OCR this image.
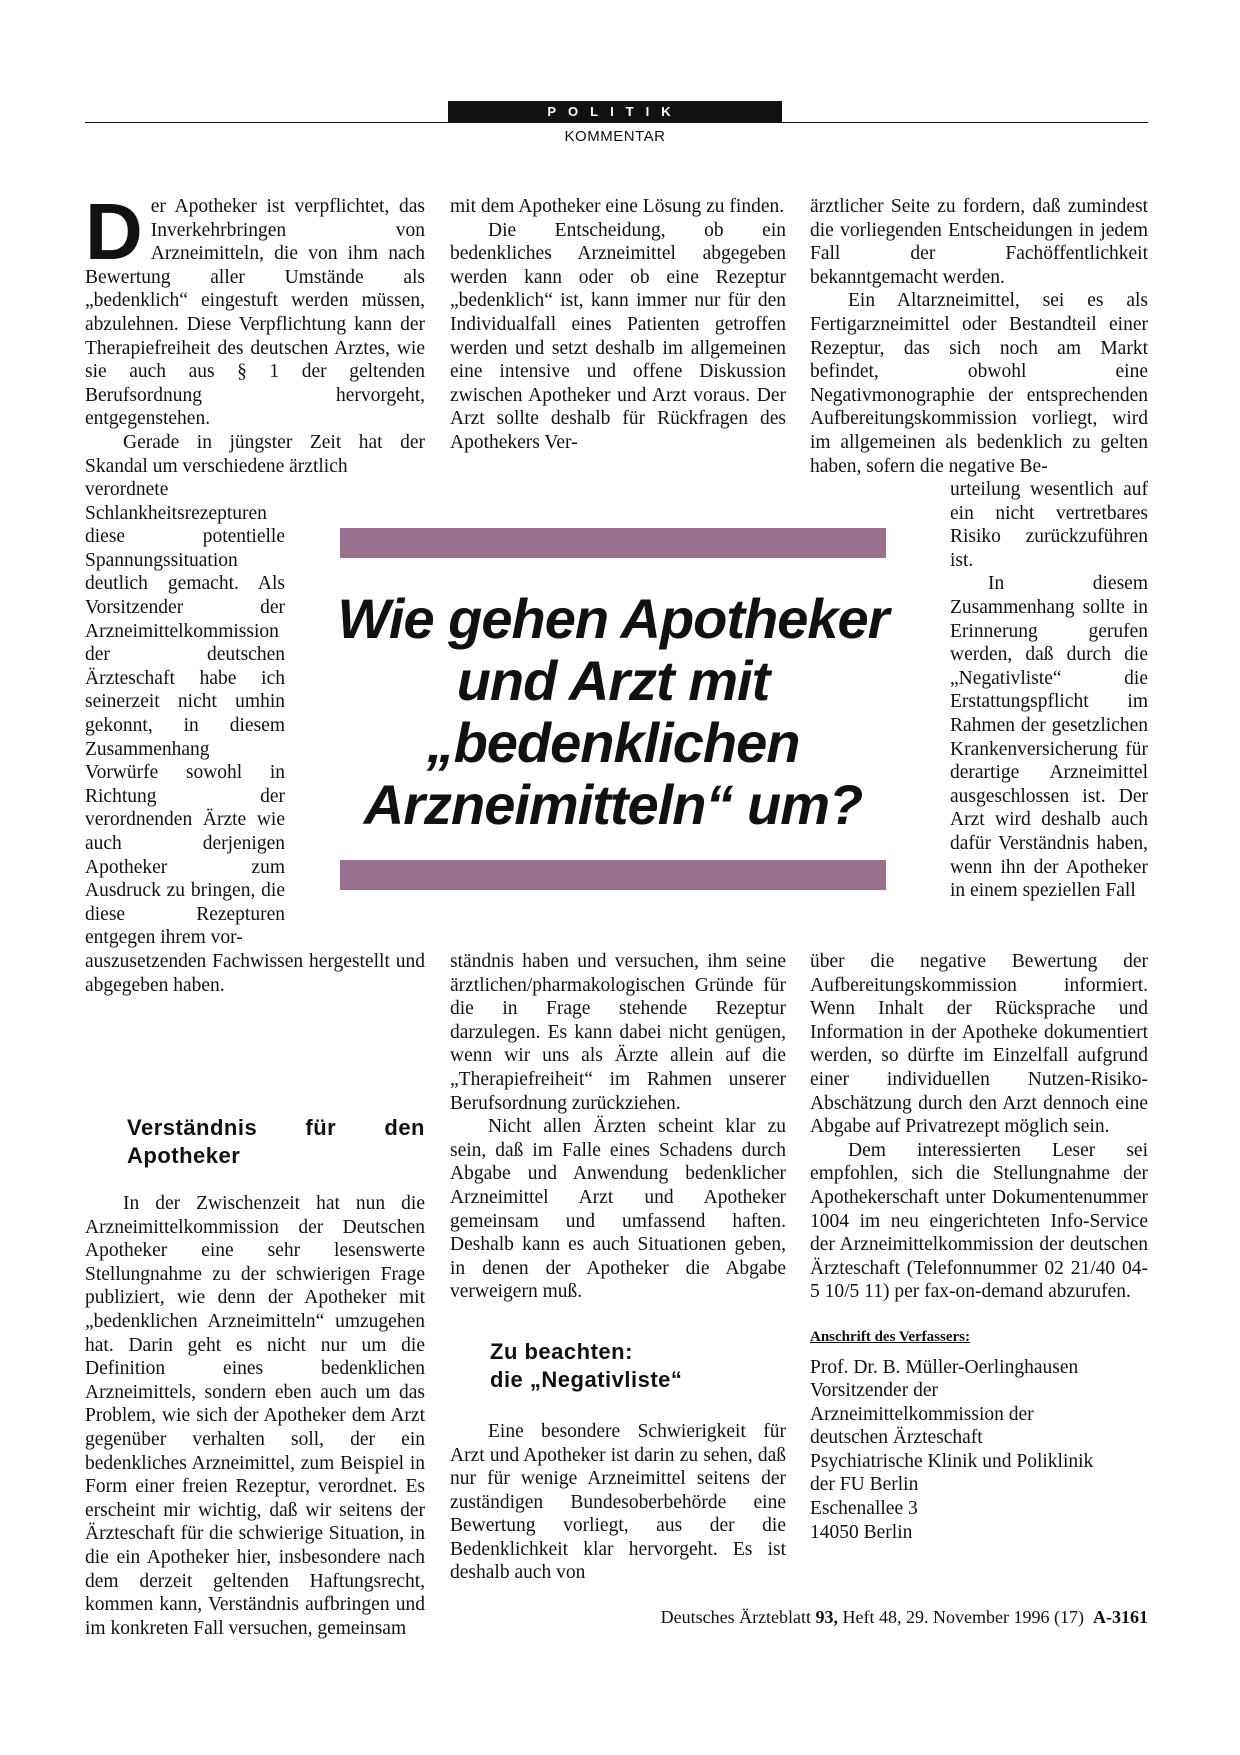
POLITIK
KOMMENTAR

Der Apotheker ist verpflichtet, das Inverkehrbringen von Arzneimitteln, die von ihm nach Bewertung aller Umstände als „bedenklich“ eingestuft werden müssen, abzulehnen. Diese Verpflichtung kann der Therapiefreiheit des deutschen Arztes, wie sie auch aus § 1 der geltenden Berufsordnung hervorgeht, entgegenstehen.

Gerade in jüngster Zeit hat der Skandal um verschiedene ärztlich

verordnete Schlankheitsrezepturen diese potentielle Spannungssituation deutlich gemacht. Als Vorsitzender der Arzneimittelkommission der deutschen Ärzteschaft habe ich seinerzeit nicht umhin gekonnt, in diesem Zusammenhang Vorwürfe sowohl in Richtung der verordnenden Ärzte wie auch derjenigen Apotheker zum Ausdruck zu bringen, die diese Rezepturen entgegen ihrem vor-

auszusetzenden Fachwissen hergestellt und abgegeben haben.

Verständnis für den Apotheker

In der Zwischenzeit hat nun die Arzneimittelkommission der Deutschen Apotheker eine sehr lesenswerte Stellungnahme zu der schwierigen Frage publiziert, wie denn der Apotheker mit „bedenklichen Arzneimitteln“ umzugehen hat. Darin geht es nicht nur um die Definition eines bedenklichen Arzneimittels, sondern eben auch um das Problem, wie sich der Apotheker dem Arzt gegenüber verhalten soll, der ein bedenkliches Arzneimittel, zum Beispiel in Form einer freien Rezeptur, verordnet. Es erscheint mir wichtig, daß wir seitens der Ärzteschaft für die schwierige Situation, in die ein Apotheker hier, insbesondere nach dem derzeit geltenden Haftungsrecht, kommen kann, Verständnis aufbringen und im konkreten Fall versuchen, gemeinsam

mit dem Apotheker eine Lösung zu finden.

Die Entscheidung, ob ein bedenkliches Arzneimittel abgegeben werden kann oder ob eine Rezeptur „bedenklich“ ist, kann immer nur für den Individualfall eines Patienten getroffen werden und setzt deshalb im allgemeinen eine intensive und offene Diskussion zwischen Apotheker und Arzt voraus. Der Arzt sollte deshalb für Rückfragen des Apothekers Ver-

ständnis haben und versuchen, ihm seine ärztlichen/pharmakologischen Gründe für die in Frage stehende Rezeptur darzulegen. Es kann dabei nicht genügen, wenn wir uns als Ärzte allein auf die „Therapiefreiheit“ im Rahmen unserer Berufsordnung zurückziehen.

Nicht allen Ärzten scheint klar zu sein, daß im Falle eines Schadens durch Abgabe und Anwendung bedenklicher Arzneimittel Arzt und Apotheker gemeinsam und umfassend haften. Deshalb kann es auch Situationen geben, in denen der Apotheker die Abgabe verweigern muß.

Zu beachten:
die „Negativliste“

Eine besondere Schwierigkeit für Arzt und Apotheker ist darin zu sehen, daß nur für wenige Arzneimittel seitens der zuständigen Bundesoberbehörde eine Bewertung vorliegt, aus der die Bedenklichkeit klar hervorgeht. Es ist deshalb auch von

ärztlicher Seite zu fordern, daß zumindest die vorliegenden Entscheidungen in jedem Fall der Fachöffentlichkeit bekanntgemacht werden.

Ein Altarzneimittel, sei es als Fertigarzneimittel oder Bestandteil einer Rezeptur, das sich noch am Markt befindet, obwohl eine Negativmonographie der entsprechenden Aufbereitungskommission vorliegt, wird im allgemeinen als bedenklich zu gelten haben, sofern die negative Be-

urteilung wesentlich auf ein nicht vertretbares Risiko zurückzuführen ist.

In diesem Zusammenhang sollte in Erinnerung gerufen werden, daß durch die „Negativliste“ die Erstattungspflicht im Rahmen der gesetzlichen Krankenversicherung für derartige Arzneimittel ausgeschlossen ist. Der Arzt wird deshalb auch dafür Verständnis haben, wenn ihn der Apotheker in einem speziellen Fall

über die negative Bewertung der Aufbereitungskommission informiert. Wenn Inhalt der Rücksprache und Information in der Apotheke dokumentiert werden, so dürfte im Einzelfall aufgrund einer individuellen Nutzen-Risiko-Abschätzung durch den Arzt dennoch eine Abgabe auf Privatrezept möglich sein.

Dem interessierten Leser sei empfohlen, sich die Stellungnahme der Apothekerschaft unter Dokumentenummer 1004 im neu eingerichteten Info-Service der Arzneimittelkommission der deutschen Ärzteschaft (Telefonnummer 02 21/40 04-5 10/5 11) per fax-on-demand abzurufen.

Anschrift des Verfassers:
Prof. Dr. B. Müller-Oerlinghausen
Vorsitzender der
Arzneimittelkommission der
deutschen Ärzteschaft
Psychiatrische Klinik und Poliklinik
der FU Berlin
Eschenallee 3
14050 Berlin
Wie gehen Apotheker und Arzt mit „bedenklichen Arzneimitteln“ um?
Deutsches Ärzteblatt 93, Heft 48, 29. November 1996 (17) A-3161
